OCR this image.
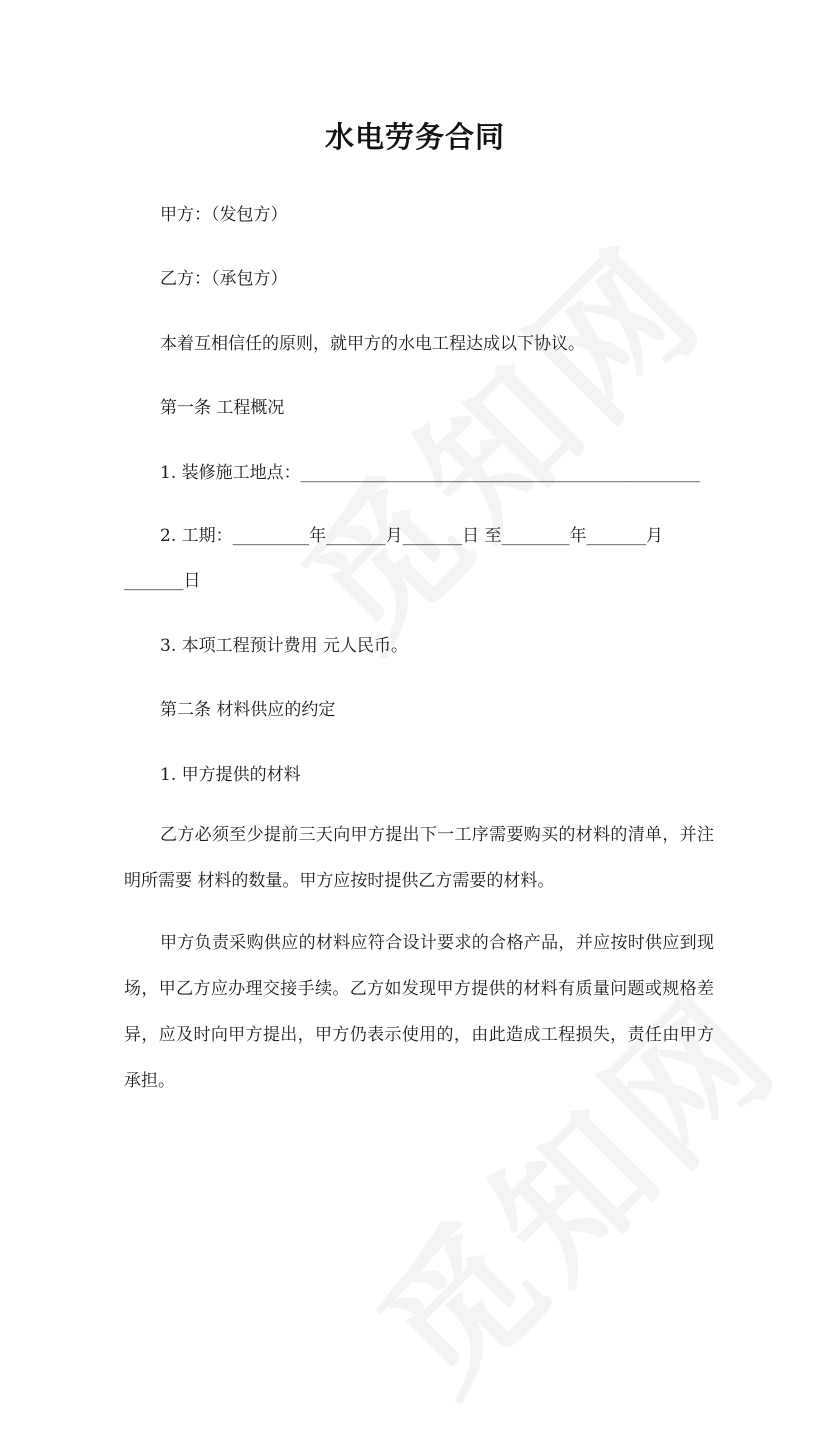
水电劳务合同
甲方：（发包方）
乙方：（承包方）
本着互相信任的原则，就甲方的水电工程达成以下协议。
第一条 工程概况
1. 装修施工地点：_______________________________________________
2. 工期：_________年_______月_______日 至________年_______月
_______日
3. 本项工程预计费用 元人民币。
第二条 材料供应的约定
1. 甲方提供的材料
乙方必须至少提前三天向甲方提出下一工序需要购买的材料的清单，并注明所需要 材料的数量。甲方应按时提供乙方需要的材料。
甲方负责采购供应的材料应符合设计要求的合格产品，并应按时供应到现场，甲乙方应办理交接手续。乙方如发现甲方提供的材料有质量问题或规格差异，应及时向甲方提出，甲方仍表示使用的，由此造成工程损失，责任由甲方承担。
